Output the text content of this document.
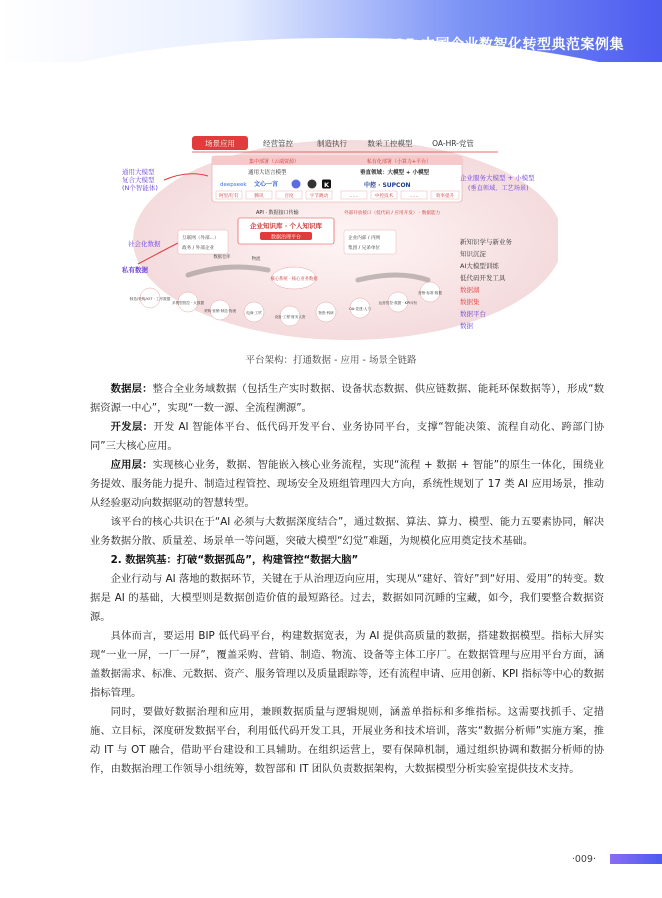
2025 中国企业数智化转型典范案例集
场景应用	经营管控	制造执行	数采工控模型	OA-HR-党管
集中部署（云端资源）	私有化部署（小算力+平台）
通用大语言模型	垂直领域：大模型 + 小模型
deepseek 文心一言	K	中控 · SUPCON
阿里/钉钉	腾讯	百度	字节跳动	……	中控技术	……	效率提升
通用大模型
复合大模型
(N个智能体)
社会化数据
私有数据
API · 数据接口传输
企业知识库 · 个人知识库
数据治理平台
外部开放接口（低代码 / 应用开发） · 数据能力
互联网（外部…）
政务 / 外部企业
企业内部 / 内网
集团 / 兄弟单位
数据仓库	物流
核心系统 · 核心业务数据
制造/采购/IOT · 工序数据
多模型管控 · 大数据
采购·营销·制造·物流	电商·工贸
设备·工程·财务人资
物资·科研
OA·党建·人力
运营管控·数据 · KPI评价
营销·标准·数据
企业服务大模型 + 小模型
(垂直领域，工艺场景)
新知识学与新业务
知识沉淀
AI大模型训练
低代码开发工具
数据湖
数据集
数据平台
数据
平台架构：打通数据 - 应用 - 场景全链路

数据层：整合全业务域数据（包括生产实时数据、设备状态数据、供应链数据、能耗环保数据等），形成“数据资源一中心”，实现“一数一源、全流程溯源”。

开发层：开发 AI 智能体平台、低代码开发平台、业务协同平台，支撑“智能决策、流程自动化、跨部门协同”三大核心应用。

应用层：实现核心业务，数据、智能嵌入核心业务流程，实现“流程 + 数据 + 智能”的原生一体化，围绕业务提效、服务能力提升、制造过程管控、现场安全及班组管理四大方向，系统性规划了 17 类 AI 应用场景，推动从经验驱动向数据驱动的智慧转型。

该平台的核心共识在于“AI 必须与大数据深度结合”，通过数据、算法、算力、模型、能力五要素协同，解决业务数据分散、质量差、场景单一等问题，突破大模型“幻觉”难题，为规模化应用奠定技术基础。

2. 数据筑基：打破“数据孤岛”，构建管控“数据大脑”

企业行动与 AI 落地的数据环节，关键在于从治理迈向应用，实现从“建好、管好”到“好用、爱用”的转变。数据是 AI 的基础，大模型则是数据创造价值的最短路径。过去，数据如同沉睡的宝藏，如今，我们要整合数据资源。

具体而言，要运用 BIP 低代码平台，构建数据宽表，为 AI 提供高质量的数据，搭建数据模型。指标大屏实现“一业一屏，一厂一屏”，覆盖采购、营销、制造、物流、设备等主体工序厂。在数据管理与应用平台方面，涵盖数据需求、标准、元数据、资产、服务管理以及质量跟踪等，还有流程申请、应用创新、KPI 指标等中心的数据指标管理。

同时，要做好数据治理和应用，兼顾数据质量与逻辑规则，涵盖单指标和多维指标。这需要找抓手、定措施、立目标，深度研发数据平台，利用低代码开发工具，开展业务和技术培训，落实“数据分析师”实施方案，推动 IT 与 OT 融合，借助平台建设和工具辅助。在组织运营上，要有保障机制，通过组织协调和数据分析师的协作，由数据治理工作领导小组统筹，数智部和 IT 团队负责数据架构，大数据模型分析实验室提供技术支持。

·009·
